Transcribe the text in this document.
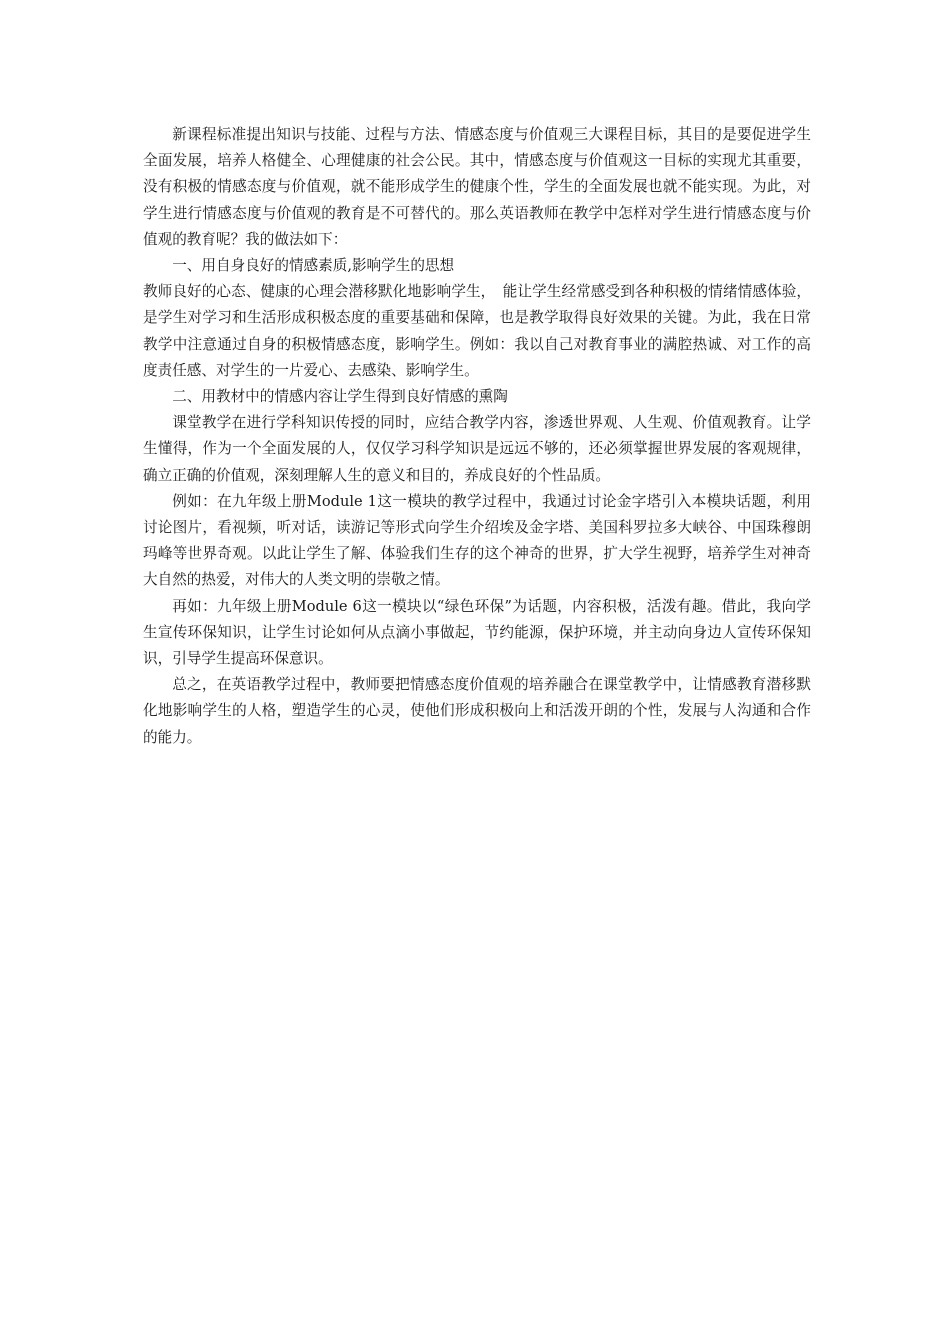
新课程标准提出知识与技能、过程与方法、情感态度与价值观三大课程目标，其目的是要促进学生全面发展，培养人格健全、心理健康的社会公民。其中，情感态度与价值观这一目标的实现尤其重要，没有积极的情感态度与价值观，就不能形成学生的健康个性，学生的全面发展也就不能实现。为此，对学生进行情感态度与价值观的教育是不可替代的。那么英语教师在教学中怎样对学生进行情感态度与价值观的教育呢？我的做法如下：

一、用自身良好的情感素质,影响学生的思想

教师良好的心态、健康的心理会潜移默化地影响学生，　能让学生经常感受到各种积极的情绪情感体验，是学生对学习和生活形成积极态度的重要基础和保障，也是教学取得良好效果的关键。为此，我在日常教学中注意通过自身的积极情感态度，影响学生。例如：我以自己对教育事业的满腔热诚、对工作的高度责任感、对学生的一片爱心、去感染、影响学生。

二、用教材中的情感内容让学生得到良好情感的熏陶

课堂教学在进行学科知识传授的同时，应结合教学内容，渗透世界观、人生观、价值观教育。让学生懂得，作为一个全面发展的人，仅仅学习科学知识是远远不够的，还必须掌握世界发展的客观规律，确立正确的价值观，深刻理解人生的意义和目的，养成良好的个性品质。

例如：在九年级上册Module 1这一模块的教学过程中，我通过讨论金字塔引入本模块话题，利用讨论图片，看视频，听对话，读游记等形式向学生介绍埃及金字塔、美国科罗拉多大峡谷、中国珠穆朗玛峰等世界奇观。以此让学生了解、体验我们生存的这个神奇的世界，扩大学生视野，培养学生对神奇大自然的热爱，对伟大的人类文明的崇敬之情。

再如：九年级上册Module 6这一模块以“绿色环保”为话题，内容积极，活泼有趣。借此，我向学生宣传环保知识，让学生讨论如何从点滴小事做起，节约能源，保护环境，并主动向身边人宣传环保知识，引导学生提高环保意识。

总之，在英语教学过程中，教师要把情感态度价值观的培养融合在课堂教学中，让情感教育潜移默化地影响学生的人格，塑造学生的心灵，使他们形成积极向上和活泼开朗的个性，发展与人沟通和合作的能力。
